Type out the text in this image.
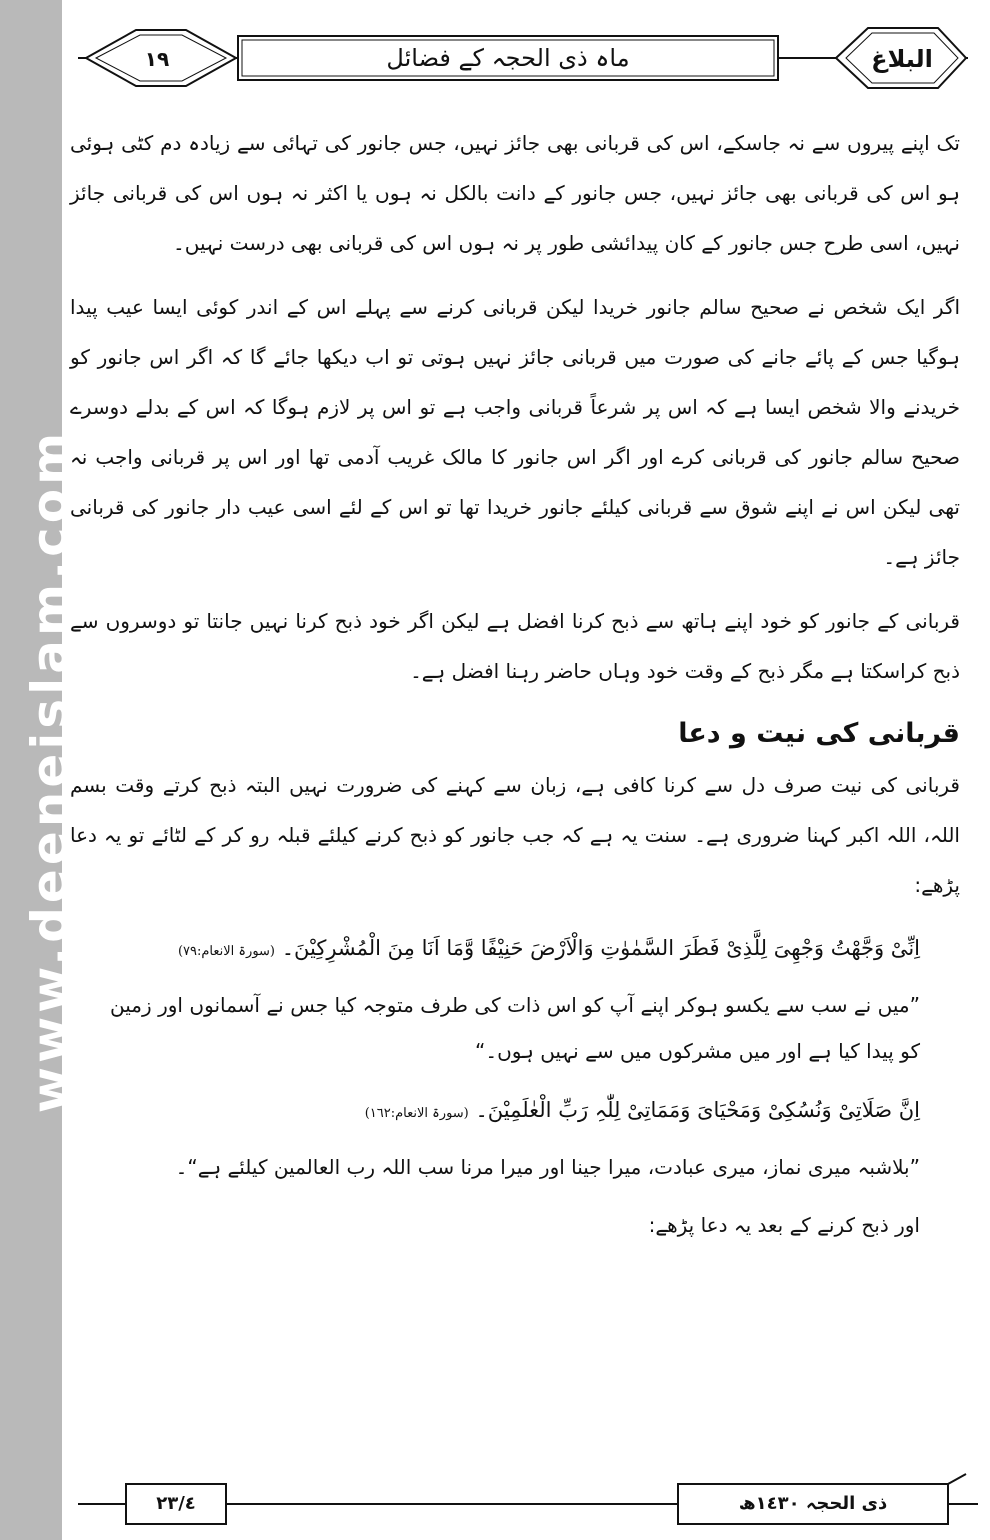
www.deeneislam.com
١٩	ماہ ذی الحجہ کے فضائل	البلاغ

تک اپنے پیروں سے نہ جاسکے، اس کی قربانی بھی جائز نہیں، جس جانور کی تہائی سے زیادہ دم کٹی ہوئی ہو اس کی قربانی بھی جائز نہیں، جس جانور کے دانت بالکل نہ ہوں یا اکثر نہ ہوں اس کی قربانی جائز نہیں، اسی طرح جس جانور کے کان پیدائشی طور پر نہ ہوں اس کی قربانی بھی درست نہیں۔

اگر ایک شخص نے صحیح سالم جانور خریدا لیکن قربانی کرنے سے پہلے اس کے اندر کوئی ایسا عیب پیدا ہوگیا جس کے پائے جانے کی صورت میں قربانی جائز نہیں ہوتی تو اب دیکھا جائے گا کہ اگر اس جانور کو خریدنے والا شخص ایسا ہے کہ اس پر شرعاً قربانی واجب ہے تو اس پر لازم ہوگا کہ اس کے بدلے دوسرے صحیح سالم جانور کی قربانی کرے اور اگر اس جانور کا مالک غریب آدمی تھا اور اس پر قربانی واجب نہ تھی لیکن اس نے اپنے شوق سے قربانی کیلئے جانور خریدا تھا تو اس کے لئے اسی عیب دار جانور کی قربانی جائز ہے۔

قربانی کے جانور کو خود اپنے ہاتھ سے ذبح کرنا افضل ہے لیکن اگر خود ذبح کرنا نہیں جانتا تو دوسروں سے ذبح کراسکتا ہے مگر ذبح کے وقت خود وہاں حاضر رہنا افضل ہے۔

قربانی کی نیت و دعا

قربانی کی نیت صرف دل سے کرنا کافی ہے، زبان سے کہنے کی ضرورت نہیں البتہ ذبح کرتے وقت بسم اللہ، اللہ اکبر کہنا ضروری ہے۔ سنت یہ ہے کہ جب جانور کو ذبح کرنے کیلئے قبلہ رو کر کے لٹائے تو یہ دعا پڑھے:

اِنِّیْ وَجَّھْتُ وَجْھِیَ لِلَّذِیْ فَطَرَ السَّمٰوٰتِ وَالْاَرْضَ حَنِیْفًا وَّمَا اَنَا مِنَ الْمُشْرِکِیْنَ۔ (سورۃ الانعام:٧٩)

”میں نے سب سے یکسو ہوکر اپنے آپ کو اس ذات کی طرف متوجہ کیا جس نے آسمانوں اور زمین کو پیدا کیا ہے اور میں مشرکوں میں سے نہیں ہوں۔“

اِنَّ صَلَاتِیْ وَنُسُکِیْ وَمَحْیَایَ وَمَمَاتِیْ لِلّٰہِ رَبِّ الْعٰلَمِیْنَ۔ (سورۃ الانعام:١٦٢)

”بلاشبہ میری نماز، میری عبادت، میرا جینا اور میرا مرنا سب اللہ رب العالمین کیلئے ہے“۔

اور ذبح کرنے کے بعد یہ دعا پڑھے:

٢٣/٤	ذی الحجہ ١٤٣٠ھ
